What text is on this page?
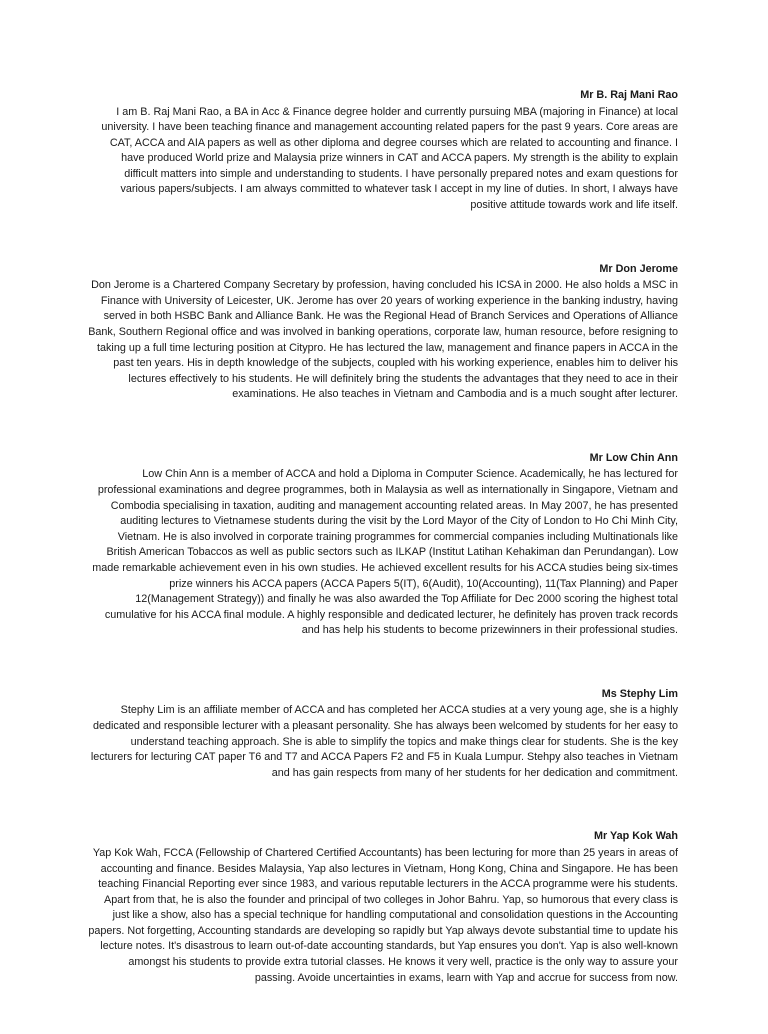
Mr B. Raj Mani Rao

I am B. Raj Mani Rao, a BA in Acc & Finance degree holder and currently pursuing MBA (majoring in Finance) at local university. I have been teaching finance and management accounting related papers for the past 9 years. Core areas are CAT, ACCA and AIA papers as well as other diploma and degree courses which are related to accounting and finance. I have produced World prize and Malaysia prize winners in CAT and ACCA papers. My strength is the ability to explain difficult matters into simple and understanding to students. I have personally prepared notes and exam questions for various papers/subjects. I am always committed to whatever task I accept in my line of duties. In short, I always have positive attitude towards work and life itself.

Mr Don Jerome

Don Jerome is a Chartered Company Secretary by profession, having concluded his ICSA in 2000. He also holds a MSC in Finance with University of Leicester, UK. Jerome has over 20 years of working experience in the banking industry, having served in both HSBC Bank and Alliance Bank. He was the Regional Head of Branch Services and Operations of Alliance Bank, Southern Regional office and was involved in banking operations, corporate law, human resource, before resigning to taking up a full time lecturing position at Citypro. He has lectured the law, management and finance papers in ACCA in the past ten years. His in depth knowledge of the subjects, coupled with his working experience, enables him to deliver his lectures effectively to his students. He will definitely bring the students the advantages that they need to ace in their examinations. He also teaches in Vietnam and Cambodia and is a much sought after lecturer.

Mr Low Chin Ann

Low Chin Ann is a member of ACCA and hold a Diploma in Computer Science. Academically, he has lectured for professional examinations and degree programmes, both in Malaysia as well as internationally in Singapore, Vietnam and Combodia specialising in taxation, auditing and management accounting related areas. In May 2007, he has presented auditing lectures to Vietnamese students during the visit by the Lord Mayor of the City of London to Ho Chi Minh City, Vietnam. He is also involved in corporate training programmes for commercial companies including Multinationals like British American Tobaccos as well as public sectors such as ILKAP (Institut Latihan Kehakiman dan Perundangan). Low made remarkable achievement even in his own studies. He achieved excellent results for his ACCA studies being six-times prize winners his ACCA papers (ACCA Papers 5(IT), 6(Audit), 10(Accounting), 11(Tax Planning) and Paper 12(Management Strategy)) and finally he was also awarded the Top Affiliate for Dec 2000 scoring the highest total cumulative for his ACCA final module. A highly responsible and dedicated lecturer, he definitely has proven track records and has help his students to become prizewinners in their professional studies.

Ms Stephy Lim

Stephy Lim is an affiliate member of ACCA and has completed her ACCA studies at a very young age, she is a highly dedicated and responsible lecturer with a pleasant personality. She has always been welcomed by students for her easy to understand teaching approach. She is able to simplify the topics and make things clear for students. She is the key lecturers for lecturing CAT paper T6 and T7 and ACCA Papers F2 and F5 in Kuala Lumpur. Stehpy also teaches in Vietnam and has gain respects from many of her students for her dedication and commitment.

Mr Yap Kok Wah

Yap Kok Wah, FCCA (Fellowship of Chartered Certified Accountants) has been lecturing for more than 25 years in areas of accounting and finance. Besides Malaysia, Yap also lectures in Vietnam, Hong Kong, China and Singapore. He has been teaching Financial Reporting ever since 1983, and various reputable lecturers in the ACCA programme were his students. Apart from that, he is also the founder and principal of two colleges in Johor Bahru. Yap, so humorous that every class is just like a show, also has a special technique for handling computational and consolidation questions in the Accounting papers. Not forgetting, Accounting standards are developing so rapidly but Yap always devote substantial time to update his lecture notes. It's disastrous to learn out-of-date accounting standards, but Yap ensures you don't. Yap is also well-known amongst his students to provide extra tutorial classes. He knows it very well, practice is the only way to assure your passing. Avoide uncertainties in exams, learn with Yap and accrue for success from now.
